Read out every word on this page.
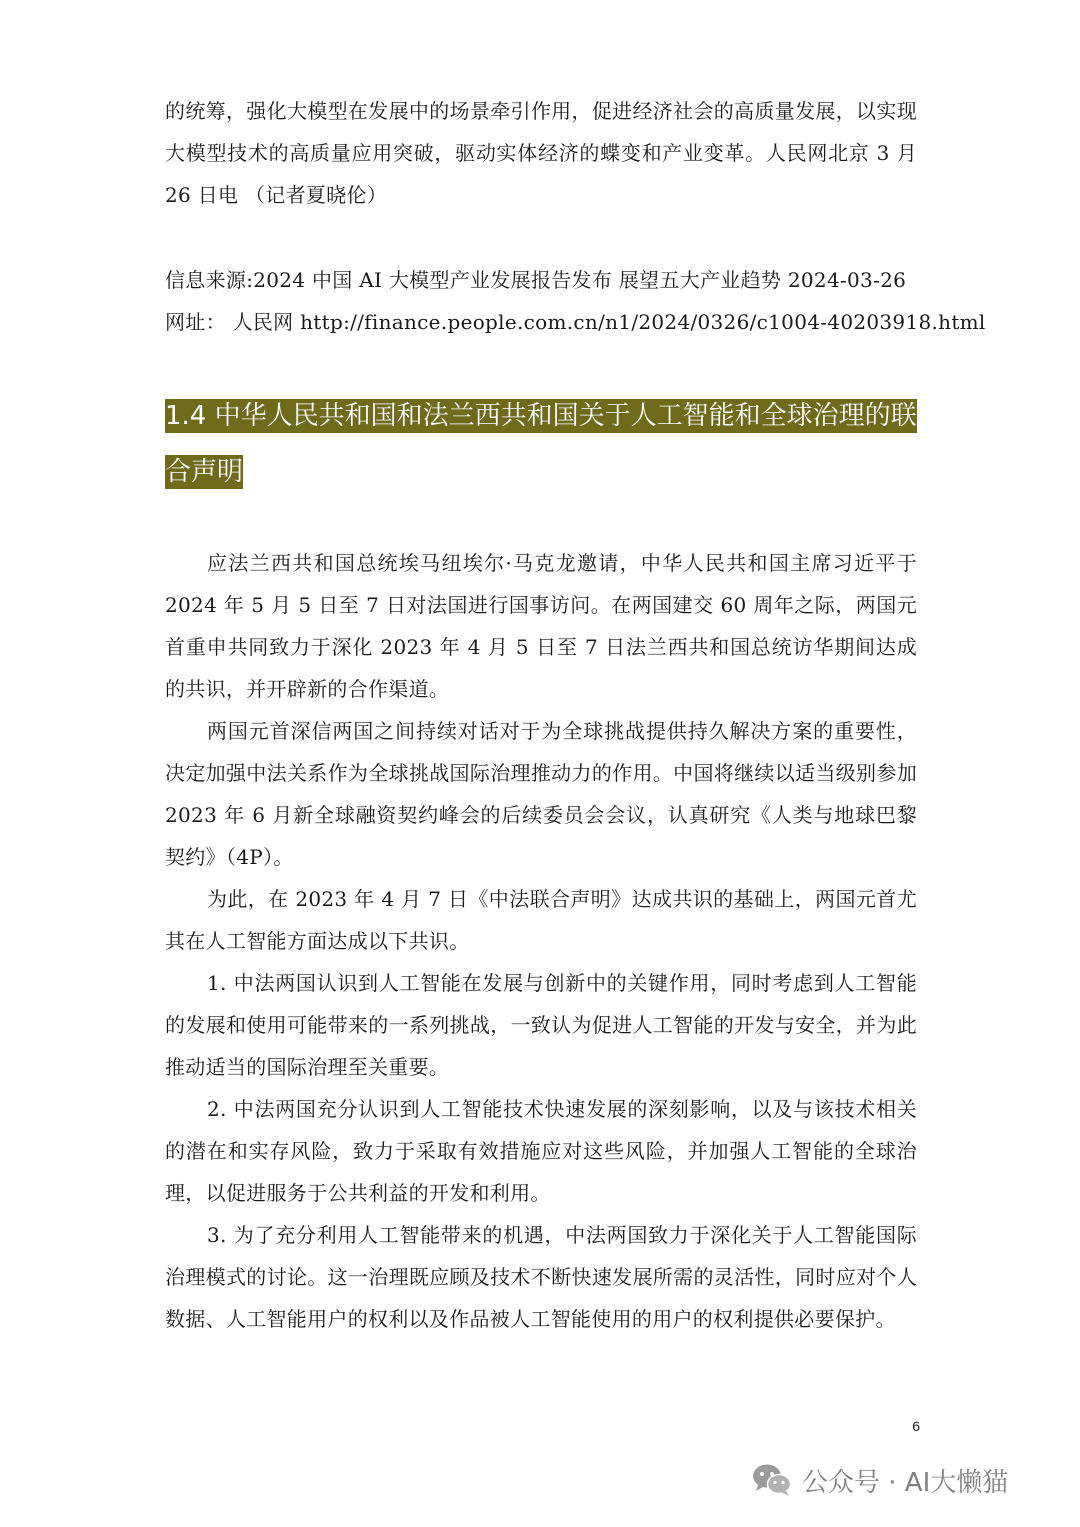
的统筹，强化大模型在发展中的场景牵引作用，促进经济社会的高质量发展，以实现大模型技术的高质量应用突破，驱动实体经济的蝶变和产业变革。人民网北京 3 月 26 日电 （记者夏晓伦）
信息来源:2024 中国 AI 大模型产业发展报告发布 展望五大产业趋势 2024-03-26
网址： 人民网 http://finance.people.com.cn/n1/2024/0326/c1004-40203918.html
1.4 中华人民共和国和法兰西共和国关于人工智能和全球治理的联合声明

应法兰西共和国总统埃马纽埃尔·马克龙邀请，中华人民共和国主席习近平于 2024 年 5 月 5 日至 7 日对法国进行国事访问。在两国建交 60 周年之际，两国元首重申共同致力于深化 2023 年 4 月 5 日至 7 日法兰西共和国总统访华期间达成的共识，并开辟新的合作渠道。

两国元首深信两国之间持续对话对于为全球挑战提供持久解决方案的重要性，决定加强中法关系作为全球挑战国际治理推动力的作用。中国将继续以适当级别参加 2023 年 6 月新全球融资契约峰会的后续委员会会议，认真研究《人类与地球巴黎契约》（4P）。

为此，在 2023 年 4 月 7 日《中法联合声明》达成共识的基础上，两国元首尤其在人工智能方面达成以下共识。

1. 中法两国认识到人工智能在发展与创新中的关键作用，同时考虑到人工智能的发展和使用可能带来的一系列挑战，一致认为促进人工智能的开发与安全，并为此推动适当的国际治理至关重要。

2. 中法两国充分认识到人工智能技术快速发展的深刻影响，以及与该技术相关的潜在和实存风险，致力于采取有效措施应对这些风险，并加强人工智能的全球治理，以促进服务于公共利益的开发和利用。

3. 为了充分利用人工智能带来的机遇，中法两国致力于深化关于人工智能国际治理模式的讨论。这一治理既应顾及技术不断快速发展所需的灵活性，同时应对个人数据、人工智能用户的权利以及作品被人工智能使用的用户的权利提供必要保护。

6
公众号 · AI大懒猫
